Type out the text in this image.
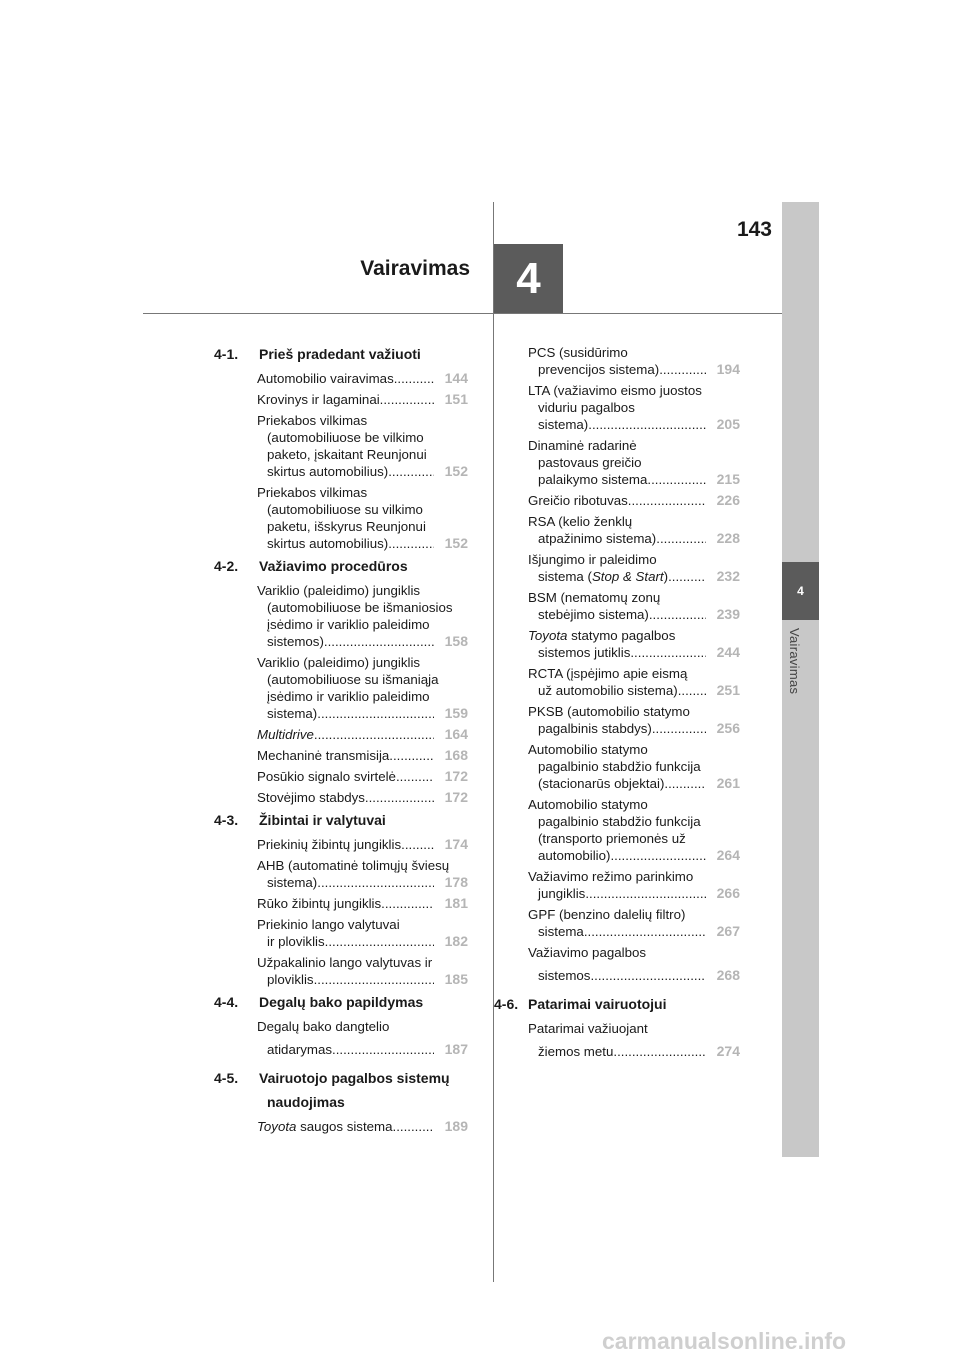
4
Vairavimas
143
Vairavimas 4
4-1.	Prieš pradedant važiuoti
Automobilio vairavimas .....	144
Krovinys ir lagaminai .....	151
Priekabos vilkimas
(automobiliuose be vilkimo
paketo, įskaitant Reunjonui
skirtus automobilius) .....	152
Priekabos vilkimas
(automobiliuose su vilkimo
paketu, išskyrus Reunjonui
skirtus automobilius) .....	152
4-2.	Važiavimo procedūros
Variklio (paleidimo) jungiklis
(automobiliuose be išmaniosios
įsėdimo ir variklio paleidimo
sistemos) .....	158
Variklio (paleidimo) jungiklis
(automobiliuose su išmaniąja
įsėdimo ir variklio paleidimo
sistema) .....	159
Multidrive .....	164
Mechaninė transmisija .....	168
Posūkio signalo svirtelė .....	172
Stovėjimo stabdys .....	172
4-3.	Žibintai ir valytuvai
Priekinių žibintų jungiklis .....	174
AHB (automatinė tolimųjų šviesų
sistema) .....	178
Rūko žibintų jungiklis .....	181
Priekinio lango valytuvai
ir ploviklis .....	182
Užpakalinio lango valytuvas ir
ploviklis .....	185
4-4.	Degalų bako papildymas
Degalų bako dangtelio
atidarymas .....	187
4-5.	Vairuotojo pagalbos sistemų
naudojimas
Toyota saugos sistema .....	189
PCS (susidūrimo
prevencijos sistema) .....	194
LTA (važiavimo eismo juostos
viduriu pagalbos
sistema) .....	205
Dinaminė radarinė
pastovaus greičio
palaikymo sistema .....	215
Greičio ribotuvas .....	226
RSA (kelio ženklų
atpažinimo sistema) .....	228
Išjungimo ir paleidimo
sistema (Stop & Start) .....	232
BSM (nematomų zonų
stebėjimo sistema) .....	239
Toyota statymo pagalbos
sistemos jutiklis .....	244
RCTA (įspėjimo apie eismą
už automobilio sistema) .....	251
PKSB (automobilio statymo
pagalbinis stabdys) .....	256
Automobilio statymo
pagalbinio stabdžio funkcija
(stacionarūs objektai) .....	261
Automobilio statymo
pagalbinio stabdžio funkcija
(transporto priemonės už
automobilio) .....	264
Važiavimo režimo parinkimo
jungiklis .....	266
GPF (benzino dalelių filtro)
sistema .....	267
Važiavimo pagalbos
sistemos .....	268
4-6. Patarimai vairuotojui
Patarimai važiuojant
žiemos metu .....	274
carmanualsonline.info
